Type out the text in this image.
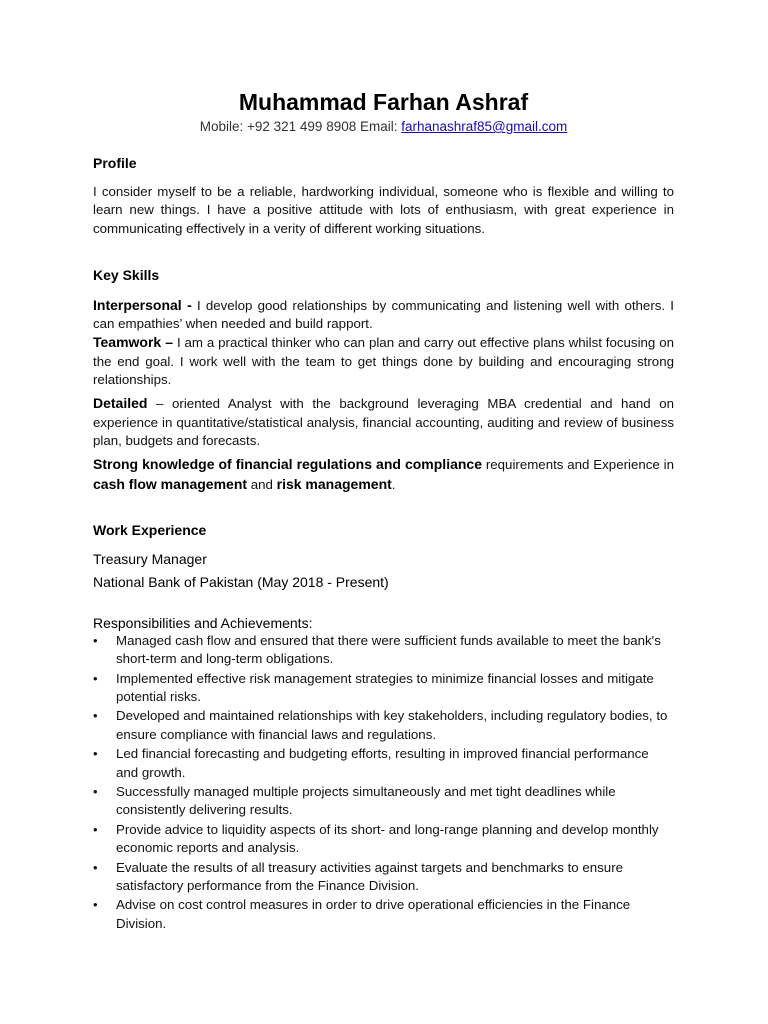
Muhammad Farhan Ashraf
Mobile: +92 321 499 8908 Email: farhanashraf85@gmail.com
Profile

I consider myself to be a reliable, hardworking individual, someone who is flexible and willing to learn new things. I have a positive attitude with lots of enthusiasm, with great experience in communicating effectively in a verity of different working situations.

Key Skills

Interpersonal - I develop good relationships by communicating and listening well with others. I can empathies’ when needed and build rapport.

Teamwork – I am a practical thinker who can plan and carry out effective plans whilst focusing on the end goal. I work well with the team to get things done by building and encouraging strong relationships.

Detailed – oriented Analyst with the background leveraging MBA credential and hand on experience in quantitative/statistical analysis, financial accounting, auditing and review of business plan, budgets and forecasts.

Strong knowledge of financial regulations and compliance requirements and Experience in cash flow management and risk management.

Work Experience

Treasury Manager

National Bank of Pakistan (May 2018 - Present)

Responsibilities and Achievements:

• Managed cash flow and ensured that there were sufficient funds available to meet the bank's short-term and long-term obligations.
• Implemented effective risk management strategies to minimize financial losses and mitigate potential risks.
• Developed and maintained relationships with key stakeholders, including regulatory bodies, to ensure compliance with financial laws and regulations.
• Led financial forecasting and budgeting efforts, resulting in improved financial performance and growth.
• Successfully managed multiple projects simultaneously and met tight deadlines while consistently delivering results.
• Provide advice to liquidity aspects of its short- and long-range planning and develop monthly economic reports and analysis.
• Evaluate the results of all treasury activities against targets and benchmarks to ensure satisfactory performance from the Finance Division.
• Advise on cost control measures in order to drive operational efficiencies in the Finance Division.
